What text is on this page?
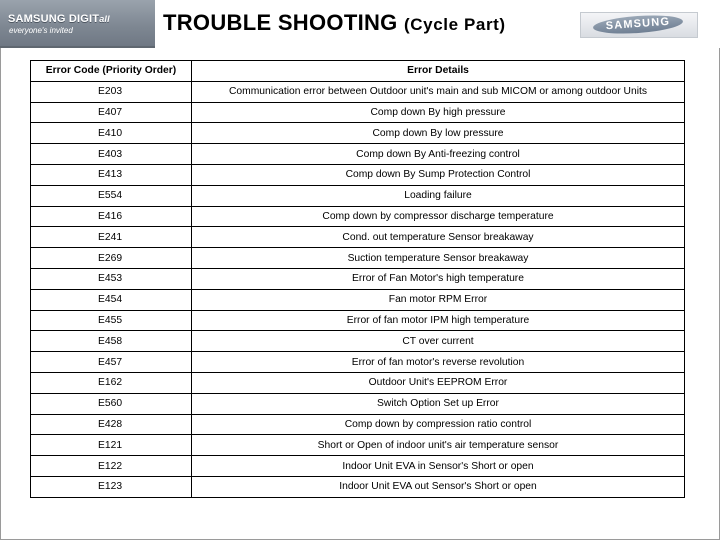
SAMSUNG DIGITall
everyone's invited	TROUBLE SHOOTING (Cycle Part)	SAMSUNG
Error Code (Priority Order)	Error Details
E203	Communication error between Outdoor unit's main and sub MICOM or among outdoor Units
E407	Comp down By high pressure
E410	Comp down By low pressure
E403	Comp down By Anti-freezing control
E413	Comp down By Sump Protection Control
E554	Loading failure
E416	Comp down by compressor discharge temperature
E241	Cond. out temperature Sensor breakaway
E269	Suction temperature Sensor breakaway
E453	Error of Fan Motor's high temperature
E454	Fan motor RPM Error
E455	Error of fan motor IPM high temperature
E458	CT over current
E457	Error of fan motor's reverse revolution
E162	Outdoor Unit's EEPROM Error
E560	Switch Option Set up Error
E428	Comp down by compression ratio control
E121	Short or Open of indoor unit's air temperature sensor
E122	Indoor Unit EVA in Sensor's Short or open
E123	Indoor Unit EVA out Sensor's Short or open
